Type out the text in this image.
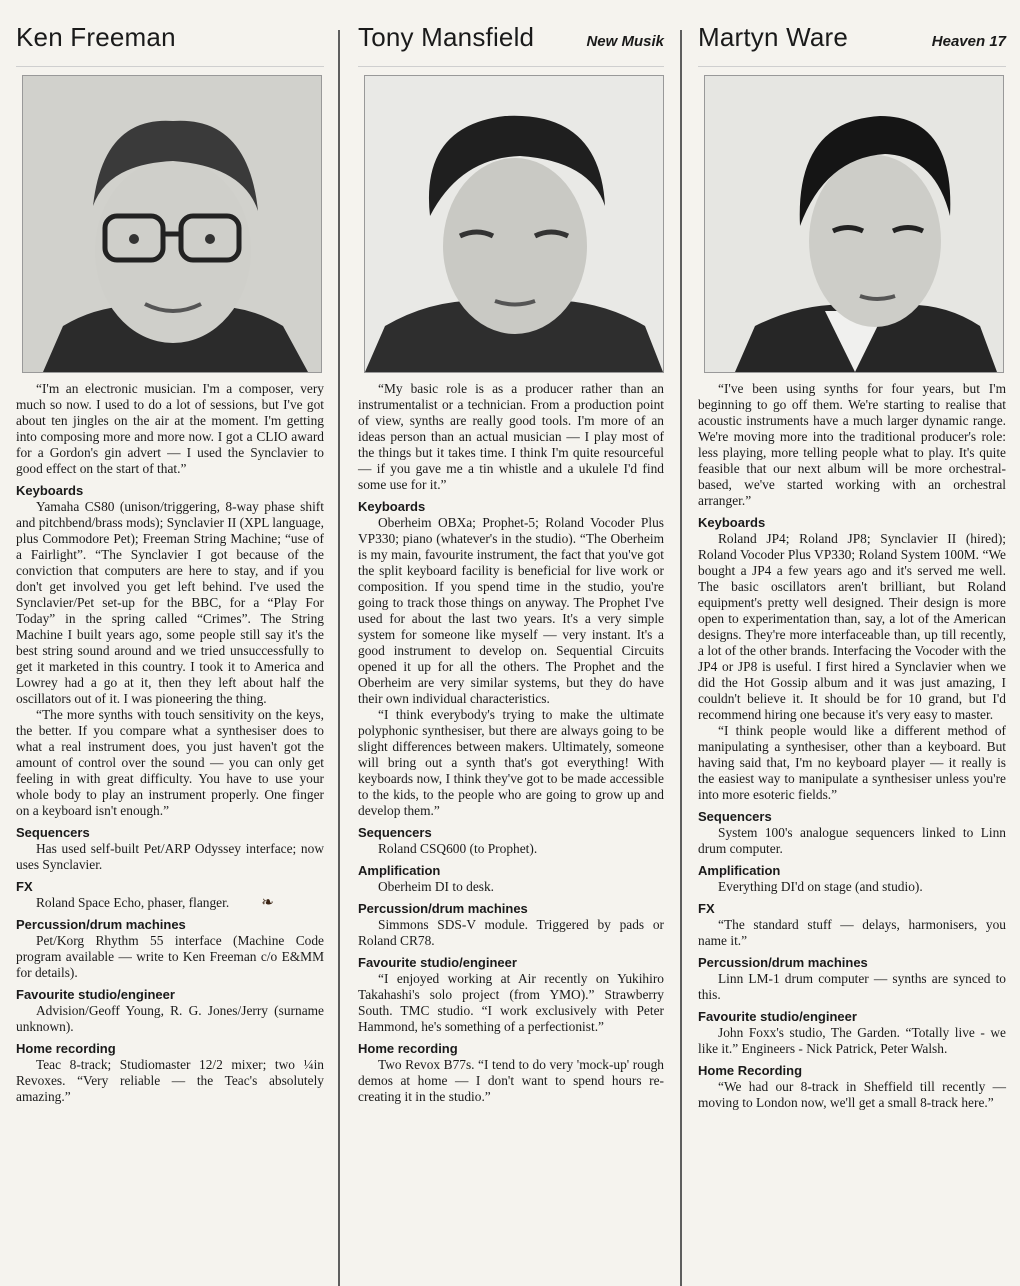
Ken Freeman

“I'm an electronic musician. I'm a composer, very much so now. I used to do a lot of sessions, but I've got about ten jingles on the air at the moment. I'm getting into composing more and more now. I got a CLIO award for a Gordon's gin advert — I used the Synclavier to good effect on the start of that.”

Keyboards

Yamaha CS80 (unison/triggering, 8-way phase shift and pitchbend/brass mods); Synclavier II (XPL language, plus Commodore Pet); Freeman String Machine; “use of a Fairlight”. “The Synclavier I got because of the conviction that computers are here to stay, and if you don't get involved you get left behind. I've used the Synclavier/Pet set-up for the BBC, for a “Play For Today” in the spring called “Crimes”. The String Machine I built years ago, some people still say it's the best string sound around and we tried unsuccessfully to get it marketed in this country. I took it to America and Lowrey had a go at it, then they left about half the oscillators out of it. I was pioneering the thing.

“The more synths with touch sensitivity on the keys, the better. If you compare what a synthesiser does to what a real instrument does, you just haven't got the amount of control over the sound — you can only get feeling in with great difficulty. You have to use your whole body to play an instrument properly. One finger on a keyboard isn't enough.”

Sequencers

Has used self-built Pet/ARP Odyssey interface; now uses Synclavier.

FX

Roland Space Echo, phaser, flanger. ❧

Percussion/drum machines

Pet/Korg Rhythm 55 interface (Machine Code program available — write to Ken Freeman c/o E&MM for details).

Favourite studio/engineer

Advision/Geoff Young, R. G. Jones/Jerry (surname unknown).

Home recording

Teac 8-track; Studiomaster 12/2 mixer; two ¼in Revoxes. “Very reliable — the Teac's absolutely amazing.”

Tony Mansfield	New Musik

“My basic role is as a producer rather than an instrumentalist or a technician. From a production point of view, synths are really good tools. I'm more of an ideas person than an actual musician — I play most of the things but it takes time. I think I'm quite resourceful — if you gave me a tin whistle and a ukulele I'd find some use for it.”

Keyboards

Oberheim OBXa; Prophet-5; Roland Vocoder Plus VP330; piano (whatever's in the studio). “The Oberheim is my main, favourite instrument, the fact that you've got the split keyboard facility is beneficial for live work or composition. If you spend time in the studio, you're going to track those things on anyway. The Prophet I've used for about the last two years. It's a very simple system for someone like myself — very instant. It's a good instrument to develop on. Sequential Circuits opened it up for all the others. The Prophet and the Oberheim are very similar systems, but they do have their own individual characteristics.

“I think everybody's trying to make the ultimate polyphonic synthesiser, but there are always going to be slight differences between makers. Ultimately, someone will bring out a synth that's got everything! With keyboards now, I think they've got to be made accessible to the kids, to the people who are going to grow up and develop them.”

Sequencers

Roland CSQ600 (to Prophet).

Amplification

Oberheim DI to desk.

Percussion/drum machines

Simmons SDS-V module. Triggered by pads or Roland CR78.

Favourite studio/engineer

“I enjoyed working at Air recently on Yukihiro Takahashi's solo project (from YMO).” Strawberry South. TMC studio. “I work exclusively with Peter Hammond, he's something of a perfectionist.”

Home recording

Two Revox B77s. “I tend to do very 'mock-up' rough demos at home — I don't want to spend hours re-creating it in the studio.”

Martyn Ware	Heaven 17

“I've been using synths for four years, but I'm beginning to go off them. We're starting to realise that acoustic instruments have a much larger dynamic range. We're moving more into the traditional producer's role: less playing, more telling people what to play. It's quite feasible that our next album will be more orchestral-based, we've started working with an orchestral arranger.”

Keyboards

Roland JP4; Roland JP8; Synclavier II (hired); Roland Vocoder Plus VP330; Roland System 100M. “We bought a JP4 a few years ago and it's served me well. The basic oscillators aren't brilliant, but Roland equipment's pretty well designed. Their design is more open to experimentation than, say, a lot of the American designs. They're more interfaceable than, up till recently, a lot of the other brands. Interfacing the Vocoder with the JP4 or JP8 is useful. I first hired a Synclavier when we did the Hot Gossip album and it was just amazing, I couldn't believe it. It should be for 10 grand, but I'd recommend hiring one because it's very easy to master.

“I think people would like a different method of manipulating a synthesiser, other than a keyboard. But having said that, I'm no keyboard player — it really is the easiest way to manipulate a synthesiser unless you're into more esoteric fields.”

Sequencers

System 100's analogue sequencers linked to Linn drum computer.

Amplification

Everything DI'd on stage (and studio).

FX

“The standard stuff — delays, harmonisers, you name it.”

Percussion/drum machines

Linn LM-1 drum computer — synths are synced to this.

Favourite studio/engineer

John Foxx's studio, The Garden. “Totally live - we like it.” Engineers - Nick Patrick, Peter Walsh.

Home Recording

“We had our 8-track in Sheffield till recently — moving to London now, we'll get a small 8-track here.”
